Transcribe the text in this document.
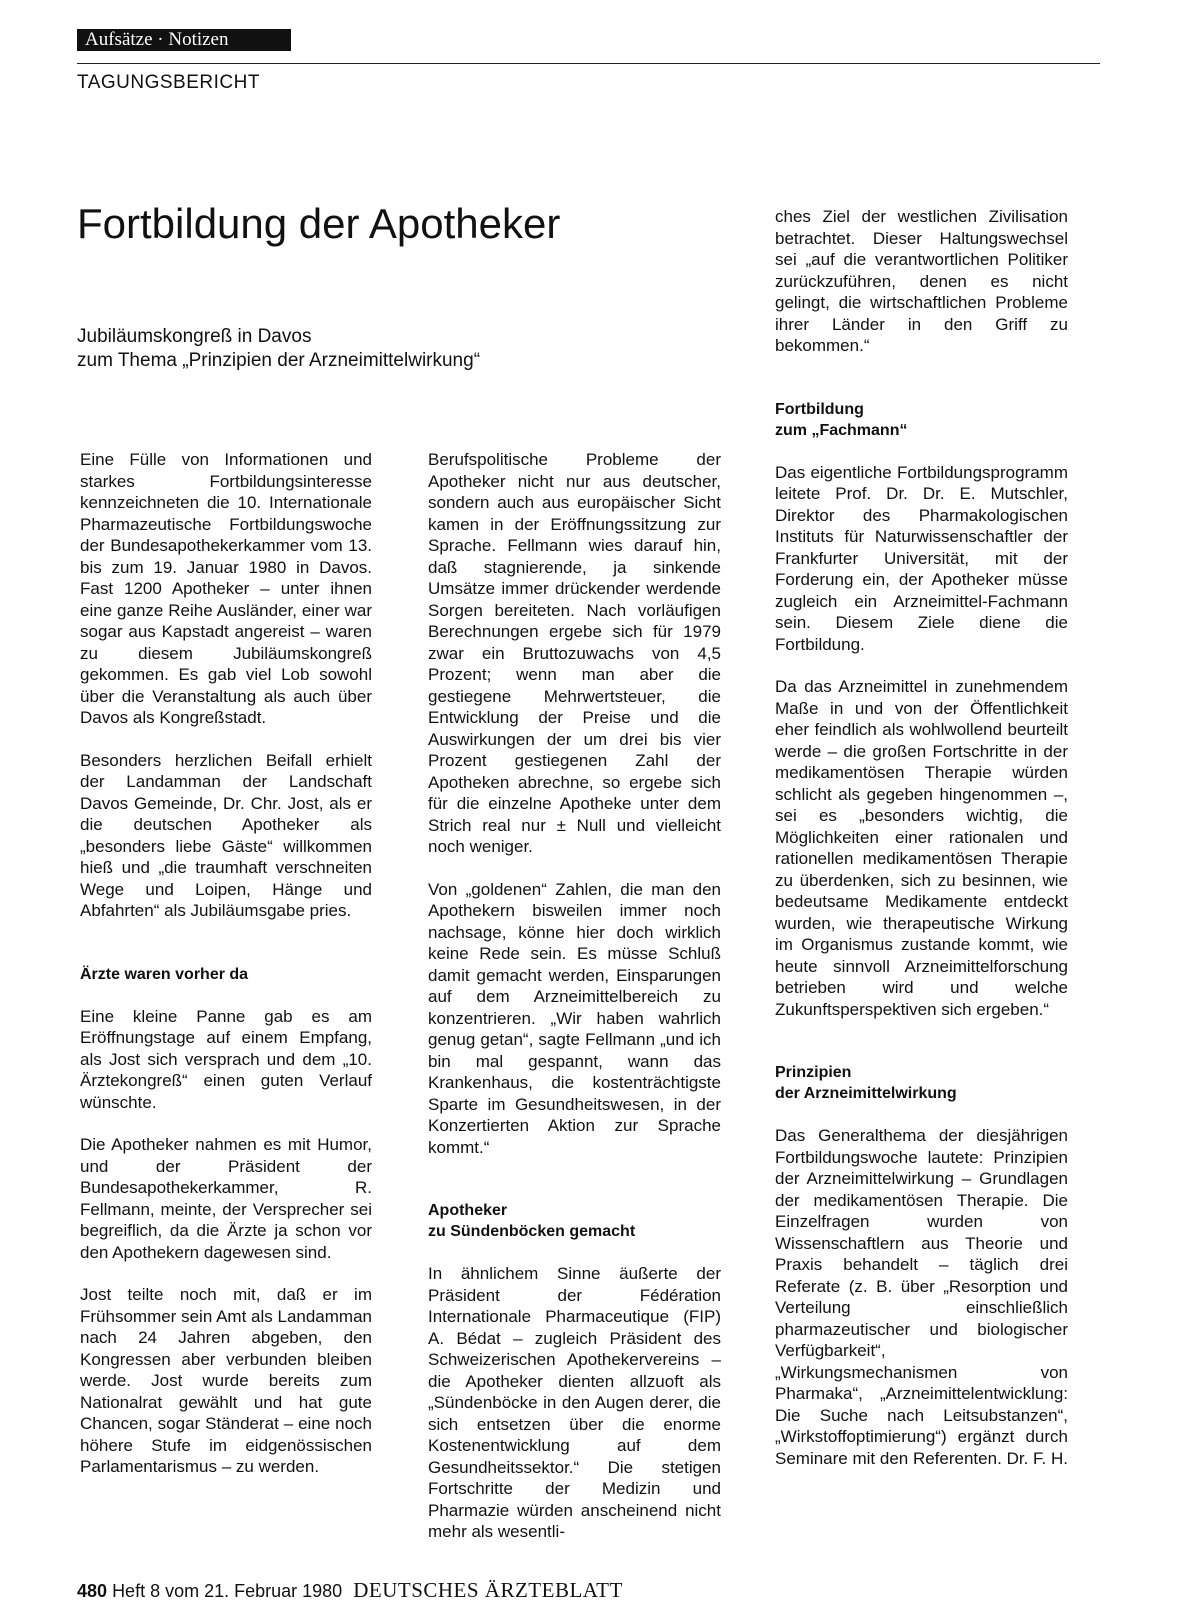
Aufsätze · Notizen
TAGUNGSBERICHT
Fortbildung der Apotheker
Jubiläumskongreß in Davos
zum Thema „Prinzipien der Arzneimittelwirkung“

Eine Fülle von Informationen und starkes Fortbildungsinteresse kennzeichneten die 10. Internationale Pharmazeutische Fortbildungswoche der Bundesapothekerkammer vom 13. bis zum 19. Januar 1980 in Davos. Fast 1200 Apotheker – unter ihnen eine ganze Reihe Ausländer, einer war sogar aus Kapstadt angereist – waren zu diesem Jubiläumskongreß gekommen. Es gab viel Lob sowohl über die Veranstaltung als auch über Davos als Kongreßstadt.

Besonders herzlichen Beifall erhielt der Landamman der Landschaft Davos Gemeinde, Dr. Chr. Jost, als er die deutschen Apotheker als „besonders liebe Gäste“ willkommen hieß und „die traumhaft verschneiten Wege und Loipen, Hänge und Abfahrten“ als Jubiläumsgabe pries.

Ärzte waren vorher da

Eine kleine Panne gab es am Eröffnungstage auf einem Empfang, als Jost sich versprach und dem „10. Ärztekongreß“ einen guten Verlauf wünschte.

Die Apotheker nahmen es mit Humor, und der Präsident der Bundesapothekerkammer, R. Fellmann, meinte, der Versprecher sei begreiflich, da die Ärzte ja schon vor den Apothekern dagewesen sind.

Jost teilte noch mit, daß er im Frühsommer sein Amt als Landamman nach 24 Jahren abgeben, den Kongressen aber verbunden bleiben werde. Jost wurde bereits zum Nationalrat gewählt und hat gute Chancen, sogar Ständerat – eine noch höhere Stufe im eidgenössischen Parlamentarismus – zu werden.

Berufspolitische Probleme der Apotheker nicht nur aus deutscher, sondern auch aus europäischer Sicht kamen in der Eröffnungssitzung zur Sprache. Fellmann wies darauf hin, daß stagnierende, ja sinkende Umsätze immer drückender werdende Sorgen bereiteten. Nach vorläufigen Berechnungen ergebe sich für 1979 zwar ein Bruttozuwachs von 4,5 Prozent; wenn man aber die gestiegene Mehrwertsteuer, die Entwicklung der Preise und die Auswirkungen der um drei bis vier Prozent gestiegenen Zahl der Apotheken abrechne, so ergebe sich für die einzelne Apotheke unter dem Strich real nur ± Null und vielleicht noch weniger.

Von „goldenen“ Zahlen, die man den Apothekern bisweilen immer noch nachsage, könne hier doch wirklich keine Rede sein. Es müsse Schluß damit gemacht werden, Einsparungen auf dem Arzneimittelbereich zu konzentrieren. „Wir haben wahrlich genug getan“, sagte Fellmann „und ich bin mal gespannt, wann das Krankenhaus, die kostenträchtigste Sparte im Gesundheitswesen, in der Konzertierten Aktion zur Sprache kommt.“

Apotheker
zu Sündenböcken gemacht

In ähnlichem Sinne äußerte der Präsident der Fédération Internationale Pharmaceutique (FIP) A. Bédat – zugleich Präsident des Schweizerischen Apothekervereins – die Apotheker dienten allzuoft als „Sündenböcke in den Augen derer, die sich entsetzen über die enorme Kostenentwicklung auf dem Gesundheitssektor.“ Die stetigen Fortschritte der Medizin und Pharmazie würden anscheinend nicht mehr als wesentli-

ches Ziel der westlichen Zivilisation betrachtet. Dieser Haltungswechsel sei „auf die verantwortlichen Politiker zurückzuführen, denen es nicht gelingt, die wirtschaftlichen Probleme ihrer Länder in den Griff zu bekommen.“

Fortbildung
zum „Fachmann“

Das eigentliche Fortbildungsprogramm leitete Prof. Dr. Dr. E. Mutschler, Direktor des Pharmakologischen Instituts für Naturwissenschaftler der Frankfurter Universität, mit der Forderung ein, der Apotheker müsse zugleich ein Arzneimittel-Fachmann sein. Diesem Ziele diene die Fortbildung.

Da das Arzneimittel in zunehmendem Maße in und von der Öffentlichkeit eher feindlich als wohlwollend beurteilt werde – die großen Fortschritte in der medikamentösen Therapie würden schlicht als gegeben hingenommen –, sei es „besonders wichtig, die Möglichkeiten einer rationalen und rationellen medikamentösen Therapie zu überdenken, sich zu besinnen, wie bedeutsame Medikamente entdeckt wurden, wie therapeutische Wirkung im Organismus zustande kommt, wie heute sinnvoll Arzneimittelforschung betrieben wird und welche Zukunftsperspektiven sich ergeben.“

Prinzipien
der Arzneimittelwirkung

Das Generalthema der diesjährigen Fortbildungswoche lautete: Prinzipien der Arzneimittelwirkung – Grundlagen der medikamentösen Therapie. Die Einzelfragen wurden von Wissenschaftlern aus Theorie und Praxis behandelt – täglich drei Referate (z. B. über „Resorption und Verteilung einschließlich pharmazeutischer und biologischer Verfügbarkeit“, „Wirkungsmechanismen von Pharmaka“, „Arzneimittelentwicklung: Die Suche nach Leitsubstanzen“, „Wirkstoffoptimierung“) ergänzt durch Seminare mit den Referenten. Dr. F. H.

480 Heft 8 vom 21. Februar 1980 DEUTSCHES ÄRZTEBLATT
